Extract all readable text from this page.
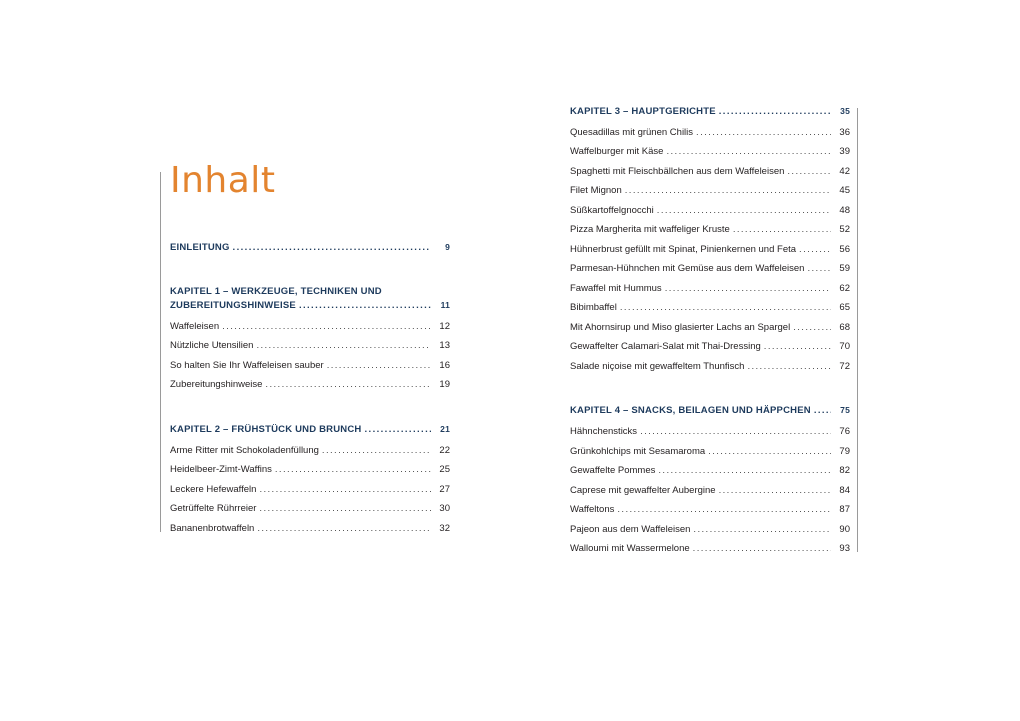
Inhalt
EINLEITUNG .....	9
KAPITEL 1 – WERKZEUGE, TECHNIKEN UND
ZUBEREITUNGSHINWEISE .....	11
Waffeleisen .....	12
Nützliche Utensilien .....	13
So halten Sie Ihr Waffeleisen sauber .....	16
Zubereitungshinweise .....	19
KAPITEL 2 – FRÜHSTÜCK UND BRUNCH .....	21
Arme Ritter mit Schokoladenfüllung .....	22
Heidelbeer-Zimt-Waffins .....	25
Leckere Hefewaffeln .....	27
Getrüffelte Rührreier .....	30
Bananenbrotwaffeln .....	32
KAPITEL 3 – HAUPTGERICHTE .....	35
Quesadillas mit grünen Chilis .....	36
Waffelburger mit Käse .....	39
Spaghetti mit Fleischbällchen aus dem Waffeleisen .....	42
Filet Mignon .....	45
Süßkartoffelgnocchi .....	48
Pizza Margherita mit waffeliger Kruste .....	52
Hühnerbrust gefüllt mit Spinat, Pinienkernen und Feta .....	56
Parmesan-Hühnchen mit Gemüse aus dem Waffeleisen .....	59
Fawaffel mit Hummus .....	62
Bibimbaffel .....	65
Mit Ahornsirup und Miso glasierter Lachs an Spargel .....	68
Gewaffelter Calamari-Salat mit Thai-Dressing .....	70
Salade niçoise mit gewaffeltem Thunfisch .....	72
KAPITEL 4 – SNACKS, BEILAGEN UND HÄPPCHEN .....	75
Hähnchensticks .....	76
Grünkohlchips mit Sesamaroma .....	79
Gewaffelte Pommes .....	82
Caprese mit gewaffelter Aubergine .....	84
Waffeltons .....	87
Pajeon aus dem Waffeleisen .....	90
Walloumi mit Wassermelone .....	93
